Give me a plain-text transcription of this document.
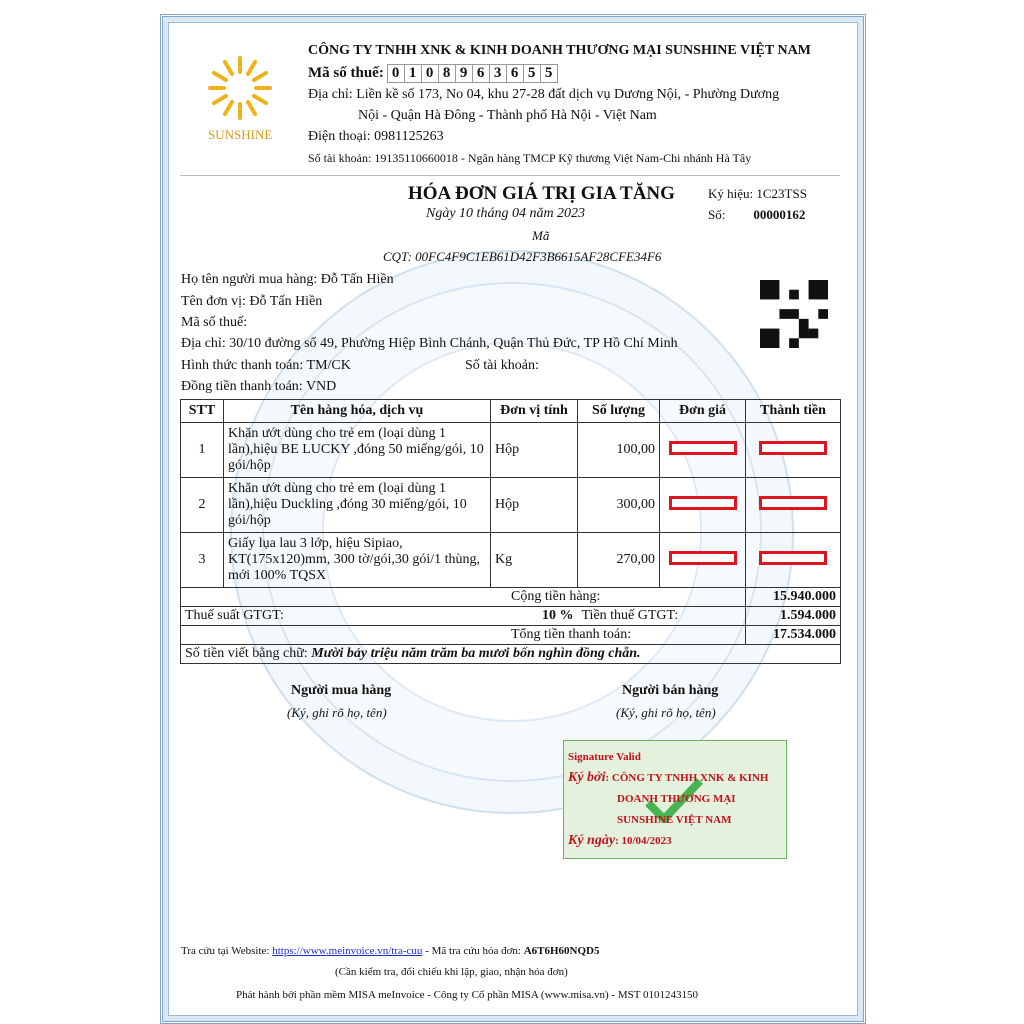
SUNSHINE
CÔNG TY TNHH XNK & KINH DOANH THƯƠNG MẠI SUNSHINE VIỆT NAM
Mã số thuế: 0 1 0 8 9 6 3 6 5 5
Địa chỉ: Liền kề số 173, No 04, khu 27-28 đất dịch vụ Dương Nội, - Phường Dương
Nội - Quận Hà Đông - Thành phố Hà Nội - Việt Nam
Điện thoại: 0981125263
Số tài khoản: 19135110660018 - Ngân hàng TMCP Kỹ thương Việt Nam-Chi nhánh Hà Tây
HÓA ĐƠN GIÁ TRỊ GIA TĂNG
Ngày 10 tháng 04 năm 2023
Mã
CQT: 00FC4F9C1EB61D42F3B6615AF28CFE34F6
Ký hiệu: 1C23TSS
Số: 00000162
Họ tên người mua hàng: Đỗ Tấn Hiền
Tên đơn vị: Đỗ Tấn Hiền
Mã số thuế:
Địa chỉ: 30/10 đường số 49, Phường Hiệp Bình Chánh, Quận Thủ Đức, TP Hồ Chí Minh
Hình thức thanh toán: TM/CK	Số tài khoản:
Đồng tiền thanh toán: VND
STT	Tên hàng hóa, dịch vụ	Đơn vị tính	Số lượng	Đơn giá	Thành tiền
1	Khăn ướt dùng cho trẻ em (loại dùng 1 lần),hiệu BE LUCKY ,đóng 50 miếng/gói, 10 gói/hộp	Hộp	100,00		
2	Khăn ướt dùng cho trẻ em (loại dùng 1 lần),hiệu Duckling ,đóng 30 miếng/gói, 10 gói/hộp	Hộp	300,00		
3	Giấy lụa lau 3 lớp, hiệu Sipiao, KT(175x120)mm, 300 tờ/gói,30 gói/1 thùng, mới 100% TQSX	Kg	270,00		
Cộng tiền hàng:					15.940.000
Thuế suất GTGT: 10 %			Tiền thuế GTGT:		1.594.000
Tổng tiền thanh toán:					17.534.000
Số tiền viết bằng chữ: Mười bảy triệu năm trăm ba mươi bốn nghìn đồng chẵn.					
Người mua hàng
(Ký, ghi rõ họ, tên)
Người bán hàng
(Ký, ghi rõ họ, tên)
Signature Valid
Ký bởi: CÔNG TY TNHH XNK & KINH
DOANH THƯƠNG MẠI
SUNSHINE VIỆT NAM
Ký ngày: 10/04/2023
Tra cứu tại Website: https://www.meinvoice.vn/tra-cuu - Mã tra cứu hóa đơn: A6T6H60NQD5
(Cần kiểm tra, đối chiếu khi lập, giao, nhận hóa đơn)
Phát hành bởi phần mềm MISA meInvoice - Công ty Cổ phần MISA (www.misa.vn) - MST 0101243150
